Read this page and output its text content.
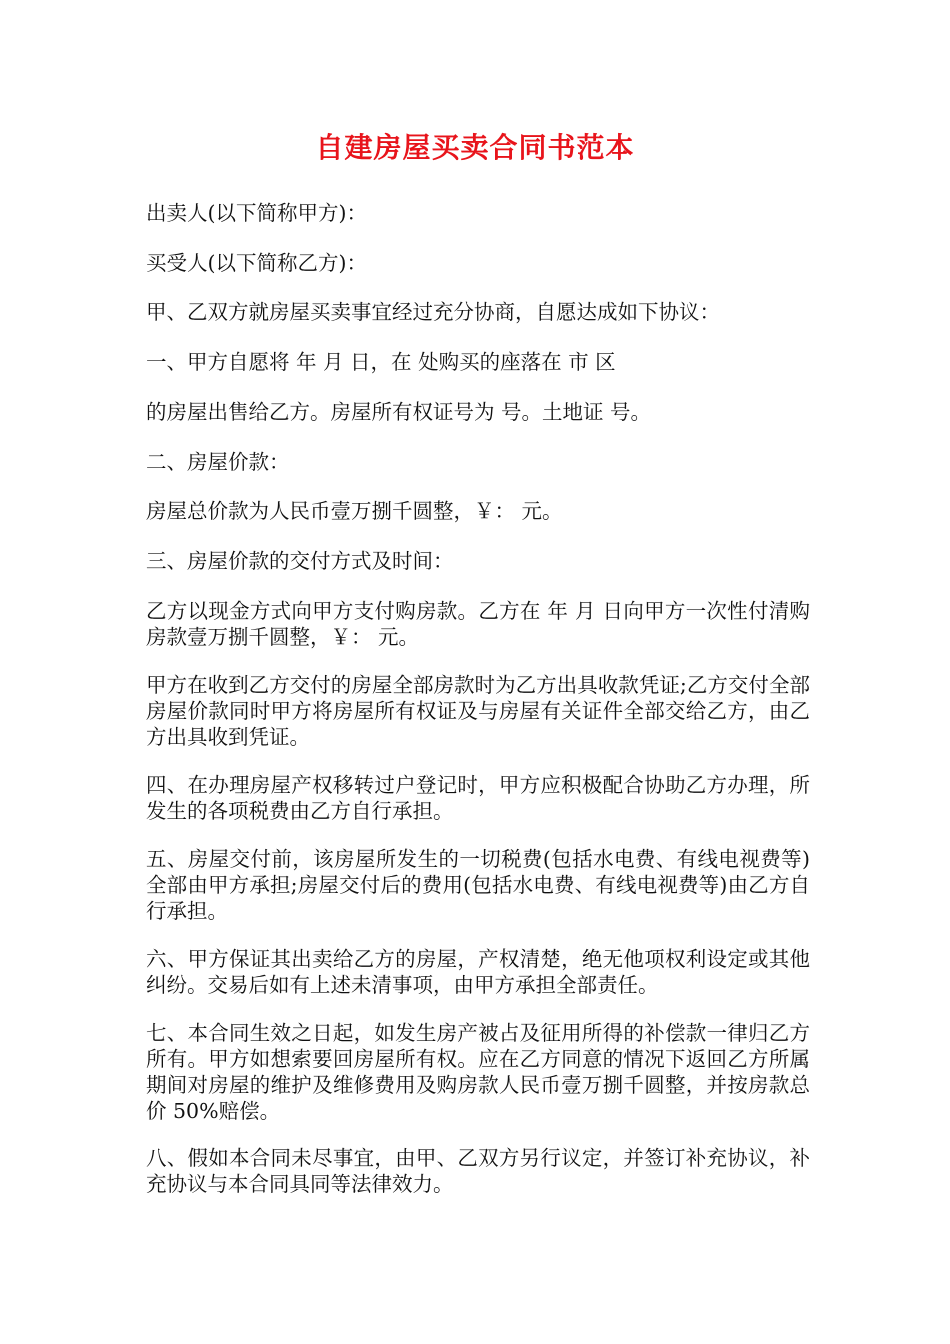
自建房屋买卖合同书范本
出卖人(以下简称甲方)：
买受人(以下简称乙方)：
甲、乙双方就房屋买卖事宜经过充分协商，自愿达成如下协议：
一、甲方自愿将 年 月 日，在 处购买的座落在 市 区
的房屋出售给乙方。房屋所有权证号为 号。土地证 号。
二、房屋价款：
房屋总价款为人民币壹万捌千圆整，￥： 元。
三、房屋价款的交付方式及时间：
乙方以现金方式向甲方支付购房款。乙方在 年 月 日向甲方一次性付清购房款壹万捌千圆整，￥： 元。
甲方在收到乙方交付的房屋全部房款时为乙方出具收款凭证;乙方交付全部房屋价款同时甲方将房屋所有权证及与房屋有关证件全部交给乙方，由乙方出具收到凭证。
四、在办理房屋产权移转过户登记时，甲方应积极配合协助乙方办理，所发生的各项税费由乙方自行承担。
五、房屋交付前，该房屋所发生的一切税费(包括水电费、有线电视费等)全部由甲方承担;房屋交付后的费用(包括水电费、有线电视费等)由乙方自行承担。
六、甲方保证其出卖给乙方的房屋，产权清楚，绝无他项权利设定或其他纠纷。交易后如有上述未清事项，由甲方承担全部责任。
七、本合同生效之日起，如发生房产被占及征用所得的补偿款一律归乙方所有。甲方如想索要回房屋所有权。应在乙方同意的情况下返回乙方所属期间对房屋的维护及维修费用及购房款人民币壹万捌千圆整，并按房款总价 50%赔偿。
八、假如本合同未尽事宜，由甲、乙双方另行议定，并签订补充协议，补充协议与本合同具同等法律效力。
